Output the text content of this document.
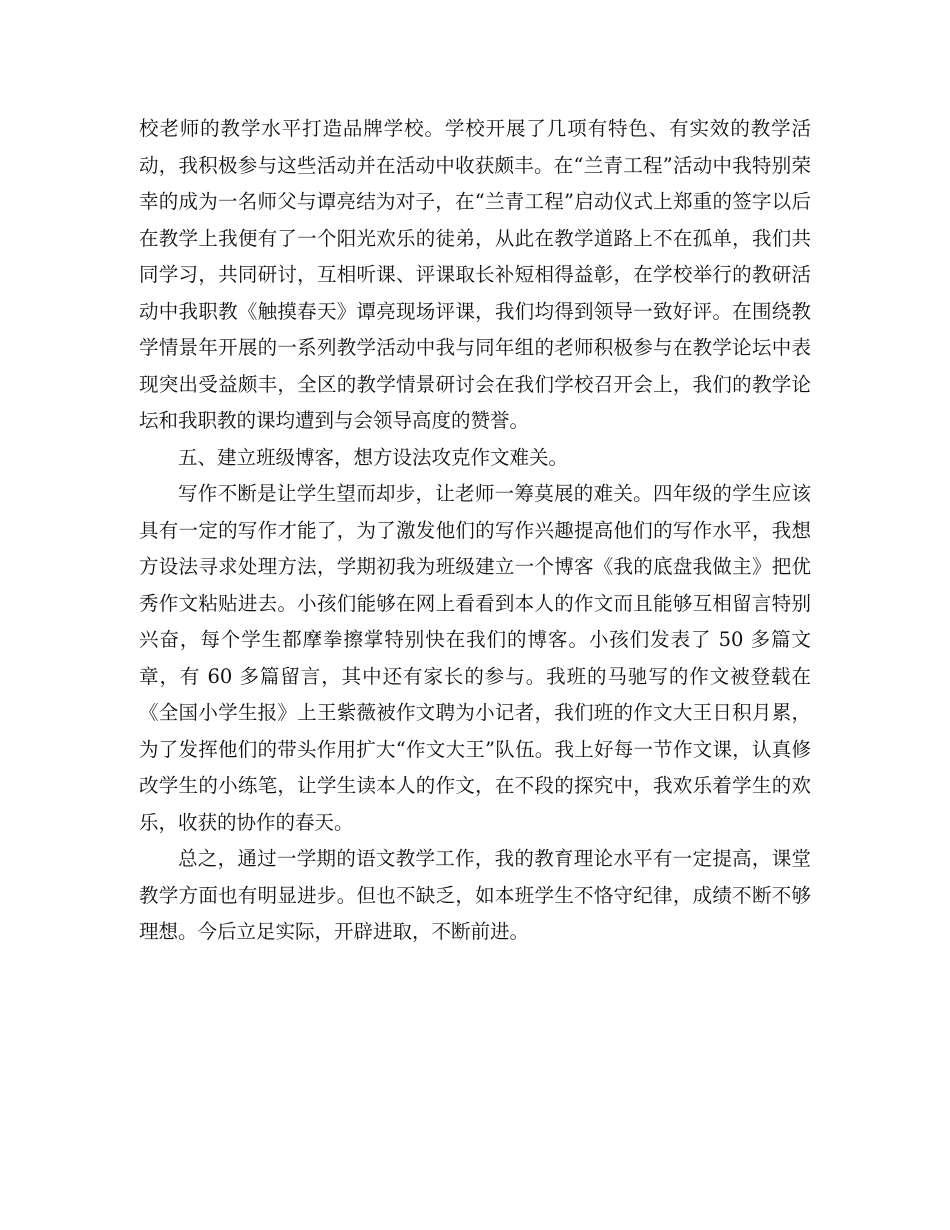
校老师的教学水平打造品牌学校。学校开展了几项有特色、有实效的教学活动，我积极参与这些活动并在活动中收获颇丰。在“兰青工程”活动中我特别荣幸的成为一名师父与谭亮结为对子，在“兰青工程”启动仪式上郑重的签字以后在教学上我便有了一个阳光欢乐的徒弟，从此在教学道路上不在孤单，我们共同学习，共同研讨，互相听课、评课取长补短相得益彰，在学校举行的教研活动中我职教《触摸春天》谭亮现场评课，我们均得到领导一致好评。在围绕教学情景年开展的一系列教学活动中我与同年组的老师积极参与在教学论坛中表现突出受益颇丰，全区的教学情景研讨会在我们学校召开会上，我们的教学论坛和我职教的课均遭到与会领导高度的赞誉。

五、建立班级博客，想方设法攻克作文难关。

写作不断是让学生望而却步，让老师一筹莫展的难关。四年级的学生应该具有一定的写作才能了，为了激发他们的写作兴趣提高他们的写作水平，我想方设法寻求处理方法，学期初我为班级建立一个博客《我的底盘我做主》把优秀作文粘贴进去。小孩们能够在网上看看到本人的作文而且能够互相留言特别兴奋，每个学生都摩拳擦掌特别快在我们的博客。小孩们发表了 50 多篇文章，有 60 多篇留言，其中还有家长的参与。我班的马驰写的作文被登载在《全国小学生报》上王紫薇被作文聘为小记者，我们班的作文大王日积月累，为了发挥他们的带头作用扩大“作文大王”队伍。我上好每一节作文课，认真修改学生的小练笔，让学生读本人的作文，在不段的探究中，我欢乐着学生的欢乐，收获的协作的春天。

总之，通过一学期的语文教学工作，我的教育理论水平有一定提高，课堂教学方面也有明显进步。但也不缺乏，如本班学生不恪守纪律，成绩不断不够理想。今后立足实际，开辟进取，不断前进。
